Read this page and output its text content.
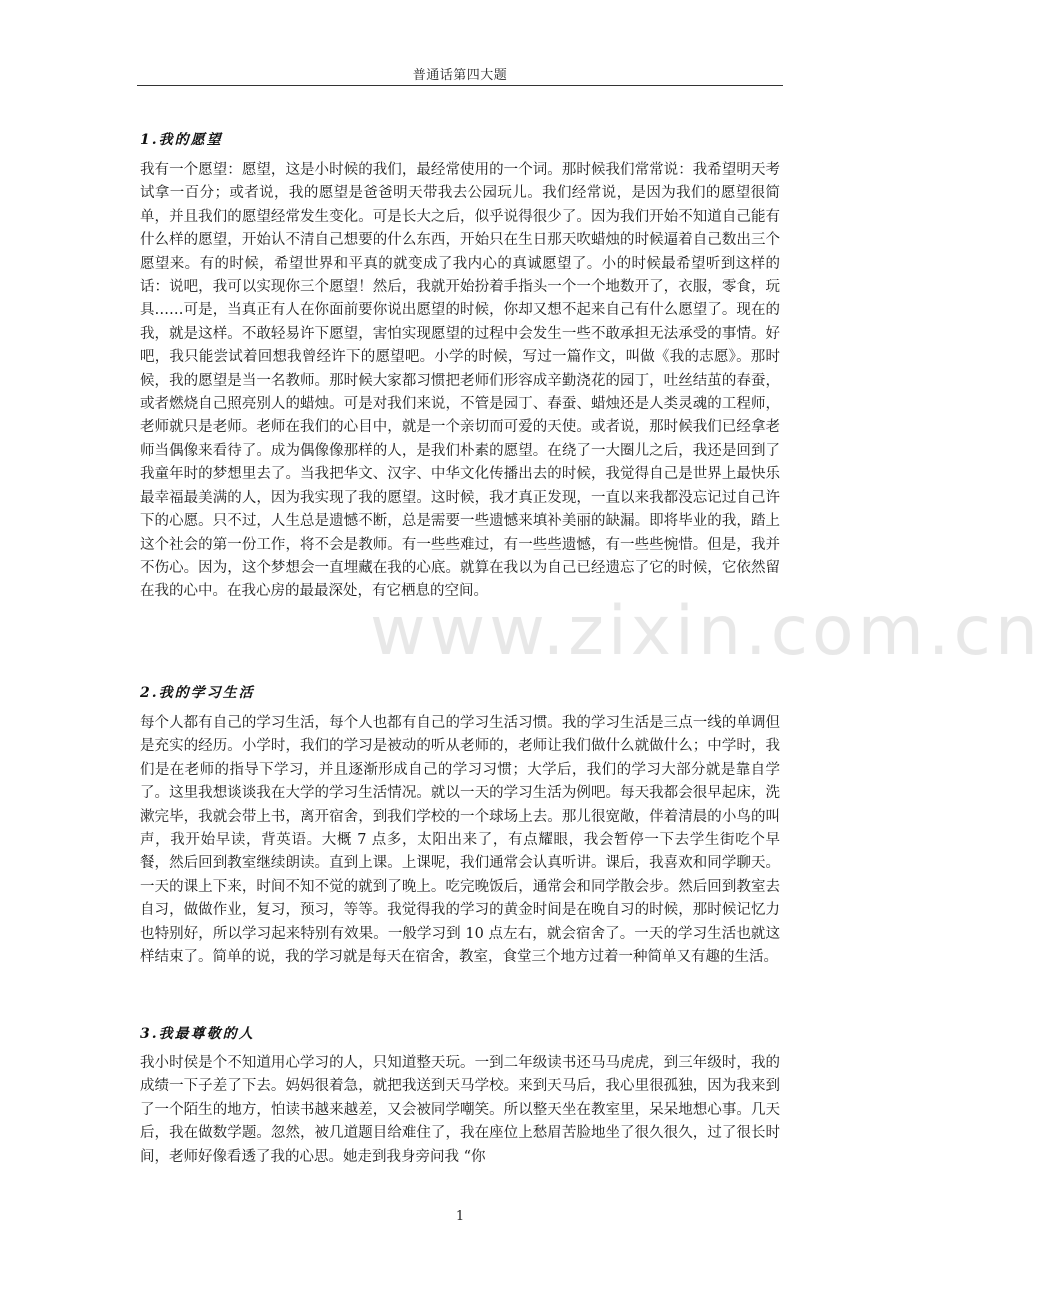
普通话第四大题
1.我的愿望
我有一个愿望：愿望，这是小时候的我们，最经常使用的一个词。那时候我们常常说：我希望明天考试拿一百分；或者说，我的愿望是爸爸明天带我去公园玩儿。我们经常说，是因为我们的愿望很简单，并且我们的愿望经常发生变化。可是长大之后，似乎说得很少了。因为我们开始不知道自己能有什么样的愿望，开始认不清自己想要的什么东西，开始只在生日那天吹蜡烛的时候逼着自己数出三个愿望来。有的时候，希望世界和平真的就变成了我内心的真诚愿望了。小的时候最希望听到这样的话：说吧，我可以实现你三个愿望！然后，我就开始扮着手指头一个一个地数开了，衣服，零食，玩具……可是，当真正有人在你面前要你说出愿望的时候，你却又想不起来自己有什么愿望了。现在的我，就是这样。不敢轻易许下愿望，害怕实现愿望的过程中会发生一些不敢承担无法承受的事情。好吧，我只能尝试着回想我曾经许下的愿望吧。小学的时候，写过一篇作文，叫做《我的志愿》。那时候，我的愿望是当一名教师。那时候大家都习惯把老师们形容成辛勤浇花的园丁，吐丝结茧的春蚕，或者燃烧自己照亮别人的蜡烛。可是对我们来说，不管是园丁、春蚕、蜡烛还是人类灵魂的工程师，老师就只是老师。老师在我们的心目中，就是一个亲切而可爱的天使。或者说，那时候我们已经拿老师当偶像来看待了。成为偶像像那样的人，是我们朴素的愿望。在绕了一大圈儿之后，我还是回到了我童年时的梦想里去了。当我把华文、汉字、中华文化传播出去的时候，我觉得自己是世界上最快乐最幸福最美满的人，因为我实现了我的愿望。这时候，我才真正发现，一直以来我都没忘记过自己许下的心愿。只不过，人生总是遗憾不断，总是需要一些遗憾来填补美丽的缺漏。即将毕业的我，踏上这个社会的第一份工作，将不会是教师。有一些些难过，有一些些遗憾，有一些些惋惜。但是，我并不伤心。因为，这个梦想会一直埋藏在我的心底。就算在我以为自己已经遗忘了它的时候，它依然留在我的心中。在我心房的最最深处，有它栖息的空间。
2.我的学习生活
每个人都有自己的学习生活，每个人也都有自己的学习生活习惯。我的学习生活是三点一线的单调但是充实的经历。小学时，我们的学习是被动的听从老师的，老师让我们做什么就做什么；中学时，我们是在老师的指导下学习，并且逐渐形成自己的学习习惯；大学后，我们的学习大部分就是靠自学了。这里我想谈谈我在大学的学习生活情况。就以一天的学习生活为例吧。每天我都会很早起床，洗漱完毕，我就会带上书，离开宿舍，到我们学校的一个球场上去。那儿很宽敞，伴着清晨的小鸟的叫声，我开始早读，背英语。大概 7 点多，太阳出来了，有点耀眼，我会暂停一下去学生街吃个早餐，然后回到教室继续朗读。直到上课。上课呢，我们通常会认真听讲。课后，我喜欢和同学聊天。一天的课上下来，时间不知不觉的就到了晚上。吃完晚饭后，通常会和同学散会步。然后回到教室去自习，做做作业，复习，预习，等等。我觉得我的学习的黄金时间是在晚自习的时候，那时候记忆力也特别好，所以学习起来特别有效果。一般学习到 10 点左右，就会宿舍了。一天的学习生活也就这样结束了。简单的说，我的学习就是每天在宿舍，教室，食堂三个地方过着一种简单又有趣的生活。
3.我最尊敬的人
我小时侯是个不知道用心学习的人，只知道整天玩。一到二年级读书还马马虎虎，到三年级时，我的成绩一下子差了下去。妈妈很着急，就把我送到天马学校。来到天马后，我心里很孤独，因为我来到了一个陌生的地方，怕读书越来越差，又会被同学嘲笑。所以整天坐在教室里，呆呆地想心事。几天后，我在做数学题。忽然，被几道题目给难住了，我在座位上愁眉苦脸地坐了很久很久，过了很长时间，老师好像看透了我的心思。她走到我身旁问我 “你
www.zixin.com.cn
1
